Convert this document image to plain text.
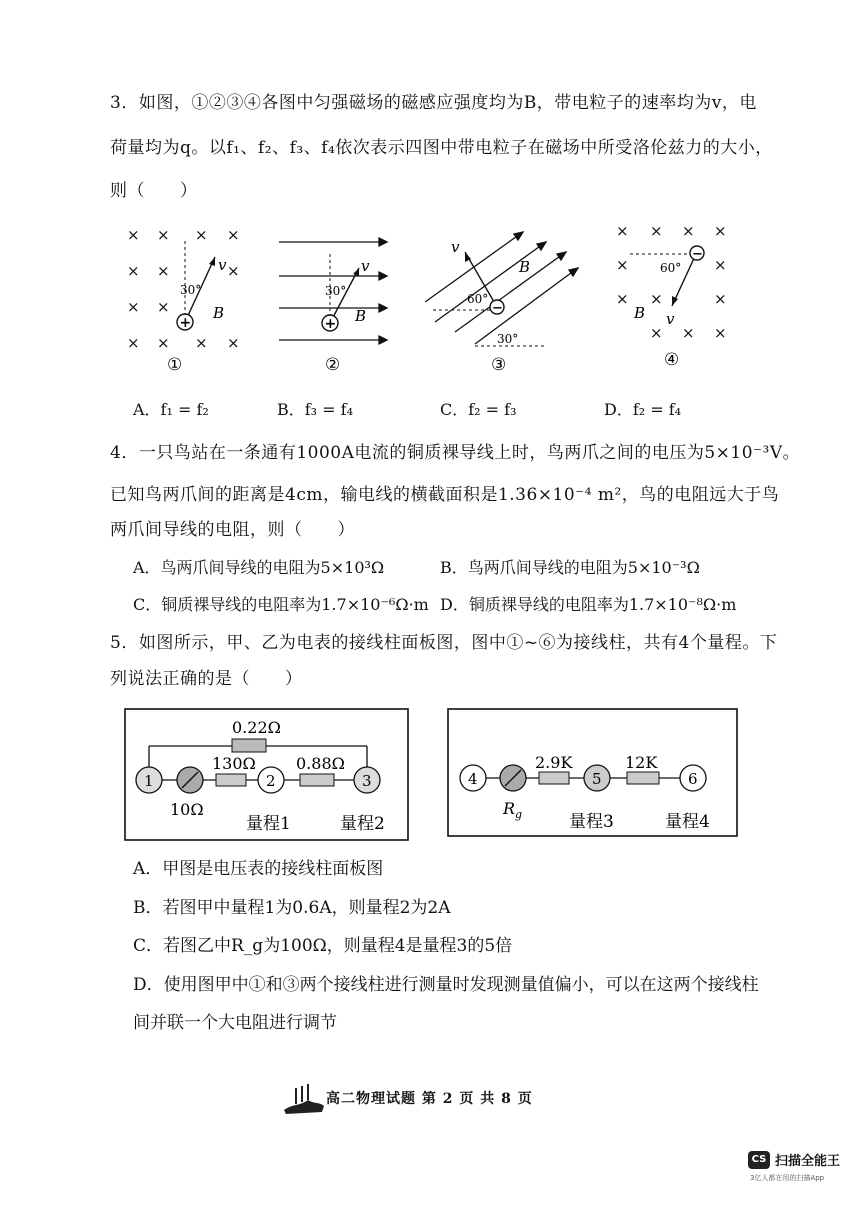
3．如图，①②③④各图中匀强磁场的磁感应强度均为B，带电粒子的速率均为v，电
荷量均为q。以f₁、f₂、f₃、f₄依次表示四图中带电粒子在磁场中所受洛伦兹力的大小，
则（　　）
× × × ×
× ×	×
× ×
× × × ×
+
30°
v
B
①
+
30°
v
B
②
−
60°
v
B
30°
③
× × × ×
×	×
× ×	×
× × ×
−
60°
v
B
④
A．f₁ = f₂	B．f₃ = f₄	C．f₂ = f₃	D．f₂ = f₄
4．一只鸟站在一条通有1000A电流的铜质裸导线上时，鸟两爪之间的电压为5×10⁻³V。
已知鸟两爪间的距离是4cm，输电线的横截面积是1.36×10⁻⁴ m²，鸟的电阻远大于鸟
两爪间导线的电阻，则（　　）
A．鸟两爪间导线的电阻为5×10³Ω	B．鸟两爪间导线的电阻为5×10⁻³Ω
C．铜质裸导线的电阻率为1.7×10⁻⁶Ω·m D．铜质裸导线的电阻率为1.7×10⁻⁸Ω·m
5．如图所示，甲、乙为电表的接线柱面板图，图中①~⑥为接线柱，共有4个量程。下
列说法正确的是（　　）
0.22Ω
1
10Ω
130Ω
2
0.88Ω
3
量程1	量程2
4
$R_g$
2.9K
5
12K
6
量程3	量程4
A．甲图是电压表的接线柱面板图
B．若图甲中量程1为0.6A，则量程2为2A
C．若图乙中R_g为100Ω，则量程4是量程3的5倍
D．使用图甲中①和③两个接线柱进行测量时发现测量值偏小，可以在这两个接线柱
间并联一个大电阻进行调节
高二物理试题 第 2 页 共 8 页
CS 扫描全能王
3亿人都在用的扫描App
